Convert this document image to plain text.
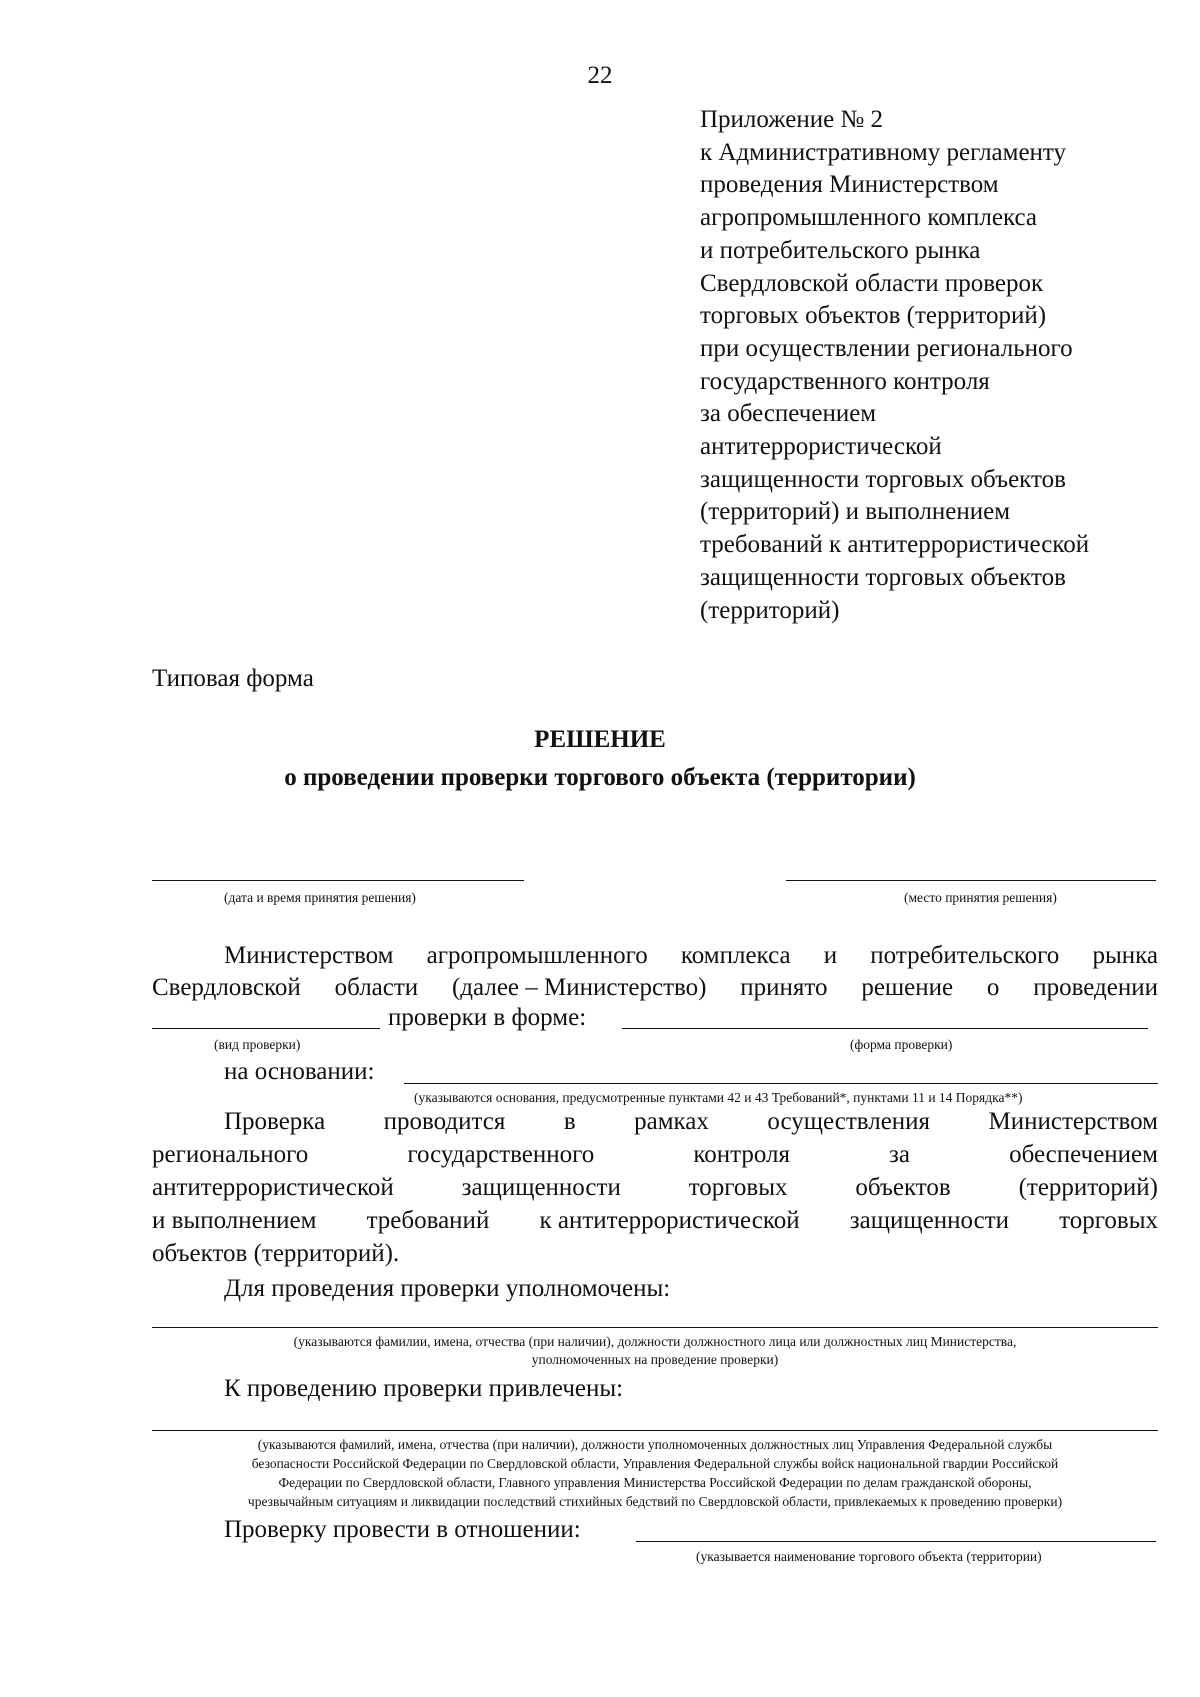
22
Приложение № 2
к Административному регламенту
проведения Министерством
агропромышленного комплекса
и потребительского рынка
Свердловской области проверок
торговых объектов (территорий)
при осуществлении регионального
государственного контроля
за обеспечением
антитеррористической
защищенности торговых объектов
(территорий) и выполнением
требований к антитеррористической
защищенности торговых объектов
(территорий)
Типовая форма
РЕШЕНИЕ
о проведении проверки торгового объекта (территории)
(дата и время принятия решения)	(место принятия решения)
Министерством агропромышленного комплекса и потребительского рынка
Свердловской области (далее – Министерство) принято решение о проведении
проверки в форме:
(вид проверки)	(форма проверки)
на основании:
(указываются основания, предусмотренные пунктами 42 и 43 Требований*, пунктами 11 и 14 Порядка**)
Проверка проводится в рамках осуществления Министерством
регионального	государственного	контроля	за	обеспечением
антитеррористической	защищенности	торговых	объектов	(территорий)
и выполнением требований к антитеррористической защищенности торговых
объектов (территорий).
Для проведения проверки уполномочены:
(указываются фамилии, имена, отчества (при наличии), должности должностного лица или должностных лиц Министерства,
уполномоченных на проведение проверки)
К проведению проверки привлечены:
(указываются фамилий, имена, отчества (при наличии), должности уполномоченных должностных лиц Управления Федеральной службы
безопасности Российской Федерации по Свердловской области, Управления Федеральной службы войск национальной гвардии Российской
Федерации по Свердловской области, Главного управления Министерства Российской Федерации по делам гражданской обороны,
чрезвычайным ситуациям и ликвидации последствий стихийных бедствий по Свердловской области, привлекаемых к проведению проверки)
Проверку провести в отношении:
(указывается наименование торгового объекта (территории)
